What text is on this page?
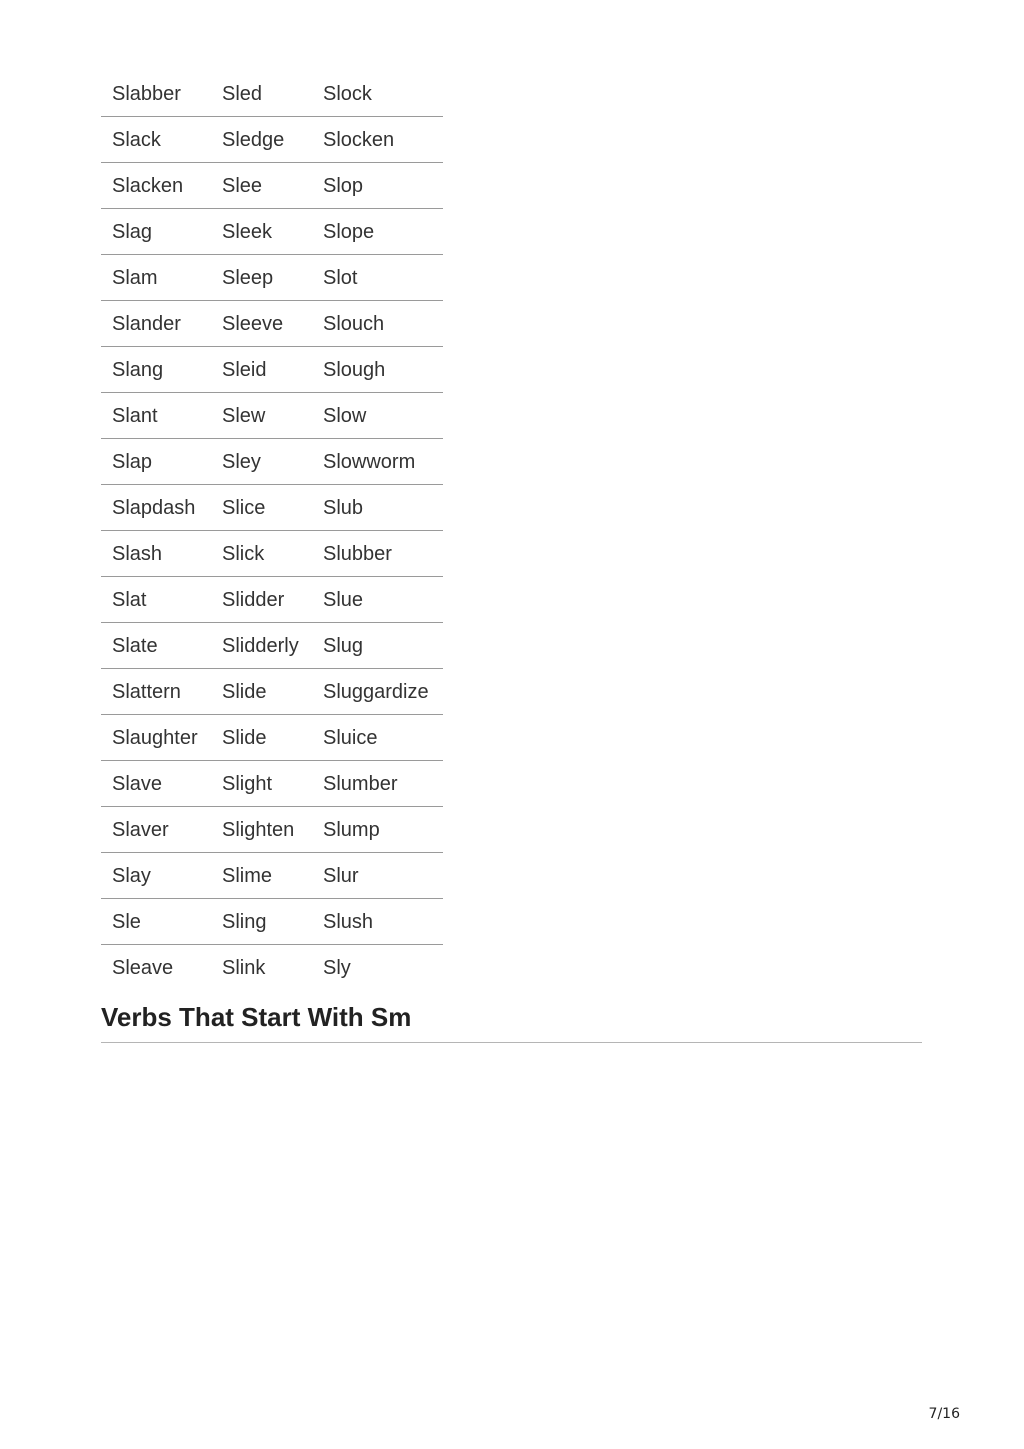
Slabber	Sled	Slock
Slack	Sledge	Slocken
Slacken	Slee	Slop
Slag	Sleek	Slope
Slam	Sleep	Slot
Slander	Sleeve	Slouch
Slang	Sleid	Slough
Slant	Slew	Slow
Slap	Sley	Slowworm
Slapdash	Slice	Slub
Slash	Slick	Slubber
Slat	Slidder	Slue
Slate	Slidderly	Slug
Slattern	Slide	Sluggardize
Slaughter	Slide	Sluice
Slave	Slight	Slumber
Slaver	Slighten	Slump
Slay	Slime	Slur
Sle	Sling	Slush
Sleave	Slink	Sly
Verbs That Start With Sm
7/16
